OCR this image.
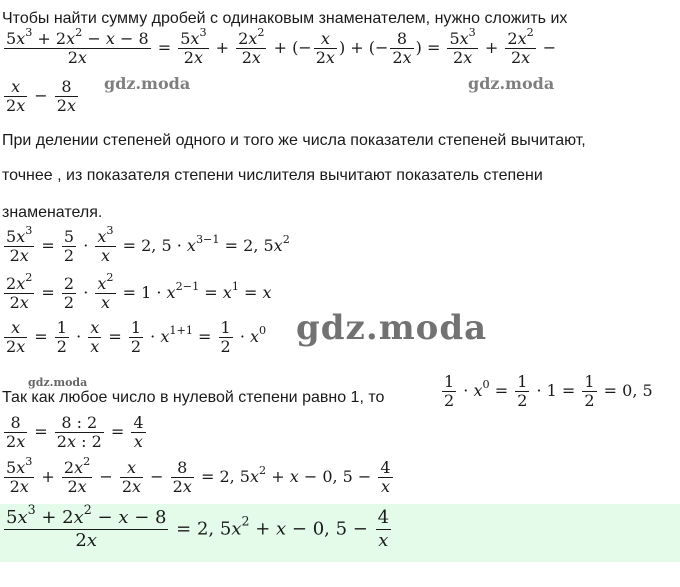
Чтобы найти сумму дробей с одинаковым знаменателем, нужно сложить их
$\frac{5x^3 + 2x^2 - x - 8}{2x} = \frac{5x^3}{2x} + \frac{2x^2}{2x}$ + (− $\frac{x}{2x}$ ) + (− $\frac{8}{2x}$ ) = $\frac{5x^3}{2x} + \frac{2x^2}{2x}$ −
$\frac{x}{2x} - \frac{8}{2x}$ gdz.moda	gdz.moda
При делении степеней одного и того же числа показатели степеней вычитают,
точнее , из показателя степени числителя вычитают показатель степени
знаменателя.
$\frac{5x^3}{2x} = \frac{5}{2} \cdot \frac{x^3}{x} = 2$, $5 \cdot x^{3-1} = 2$, $5x^2$
$\frac{2x^2}{2x} = \frac{2}{2} \cdot \frac{x^2}{x} = 1 \cdot x^{2-1} = x^1 = x$
$\frac{x}{2x} = \frac{1}{2} \cdot \frac{x}{x} = \frac{1}{2} \cdot x^{1+1} = \frac{1}{2} \cdot x^0$ gdz.moda
gdz.moda
Так как любое число в нулевой степени равно 1, то	$\frac{1}{2} \cdot x^0 = \frac{1}{2} \cdot 1 = \frac{1}{2} = 0$, 5
$\frac{8}{2x} = \frac{8 : 2}{2x : 2} = \frac{4}{x}$
$\frac{5x^3}{2x} + \frac{2x^2}{2x} - \frac{x}{2x} - \frac{8}{2x} = 2$, $5x^2 + x - 0$, $5 - \frac{4}{x}$
$\frac{5x^3 + 2x^2 - x - 8}{2x} = 2$, $5x^2 + x - 0$, $5 - \frac{4}{x}$
